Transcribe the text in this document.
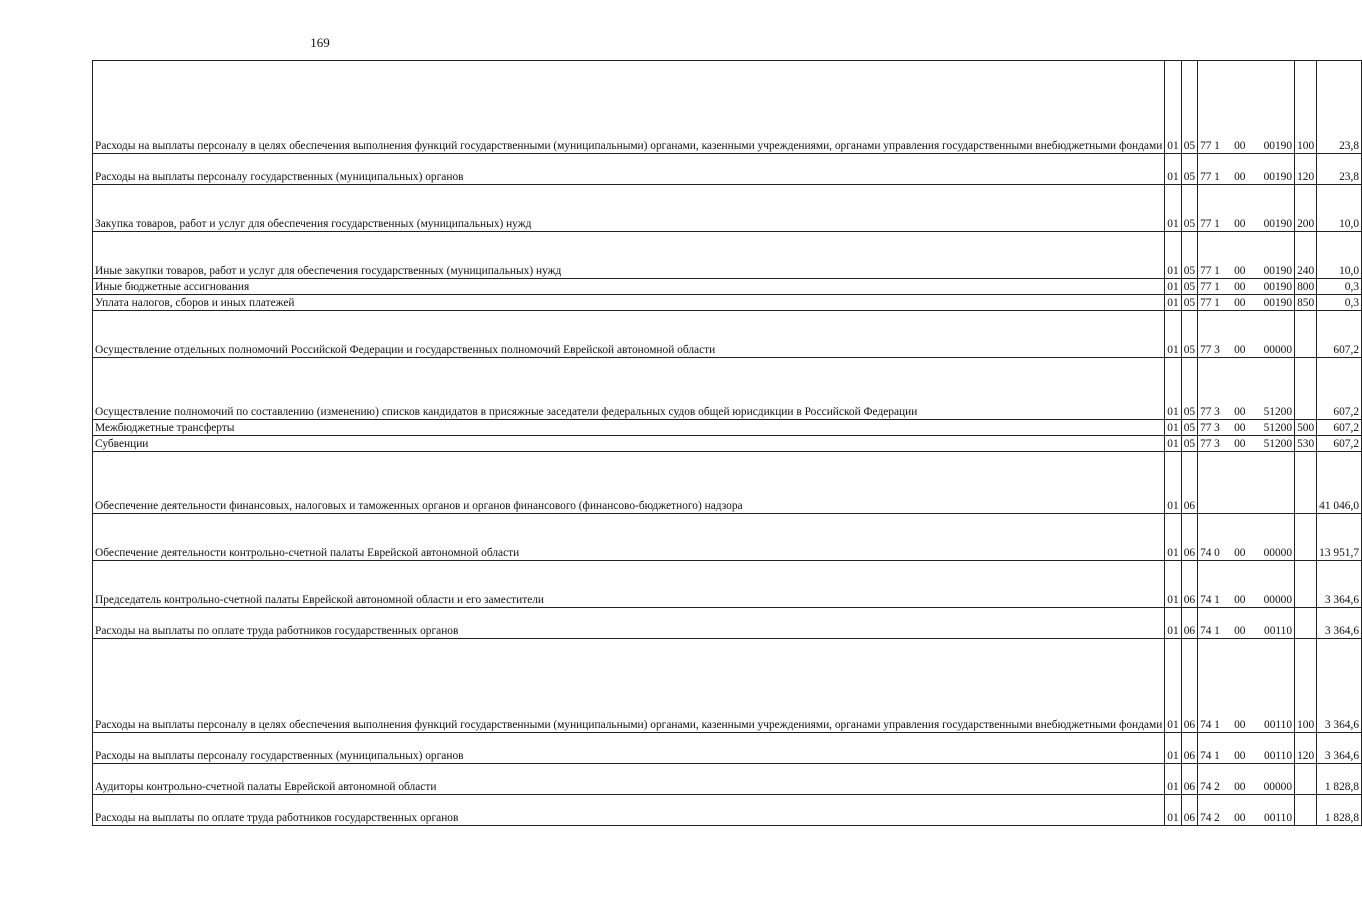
169
Расходы на выплаты персоналу в целях обеспечения выполнения функций государственными (муниципальными) органами, казенными учреждениями, органами управления государственными внебюджетными фондами	01	05	77 1 00 00190	100	23,8
Расходы на выплаты персоналу государственных (муниципальных) органов	01	05	77 1 00 00190	120	23,8
Закупка товаров, работ и услуг для обеспечения государственных (муниципальных) нужд	01	05	77 1 00 00190	200	10,0
Иные закупки товаров, работ и услуг для обеспечения государственных (муниципальных) нужд	01	05	77 1 00 00190	240	10,0
Иные бюджетные ассигнования	01	05	77 1 00 00190	800	0,3
Уплата налогов, сборов и иных платежей	01	05	77 1 00 00190	850	0,3
Осуществление отдельных полномочий Российской Федерации и государственных полномочий Еврейской автономной области	01	05	77 3 00 00000		607,2
Осуществление полномочий по составлению (изменению) списков кандидатов в присяжные заседатели федеральных судов общей юрисдикции в Российской Федерации	01	05	77 3 00 51200		607,2
Межбюджетные трансферты	01	05	77 3 00 51200	500	607,2
Субвенции	01	05	77 3 00 51200	530	607,2
Обеспечение деятельности финансовых, налоговых и таможенных органов и органов финансового (финансово-бюджетного) надзора	01	06			41 046,0
Обеспечение деятельности контрольно-счетной палаты Еврейской автономной области	01	06	74 0 00 00000		13 951,7
Председатель контрольно-счетной палаты Еврейской автономной области и его заместители	01	06	74 1 00 00000		3 364,6
Расходы на выплаты по оплате труда работников государственных органов	01	06	74 1 00 00110		3 364,6
Расходы на выплаты персоналу в целях обеспечения выполнения функций государственными (муниципальными) органами, казенными учреждениями, органами управления государственными внебюджетными фондами	01	06	74 1 00 00110	100	3 364,6
Расходы на выплаты персоналу государственных (муниципальных) органов	01	06	74 1 00 00110	120	3 364,6
Аудиторы контрольно-счетной палаты Еврейской автономной области	01	06	74 2 00 00000		1 828,8
Расходы на выплаты по оплате труда работников государственных органов	01	06	74 2 00 00110		1 828,8
